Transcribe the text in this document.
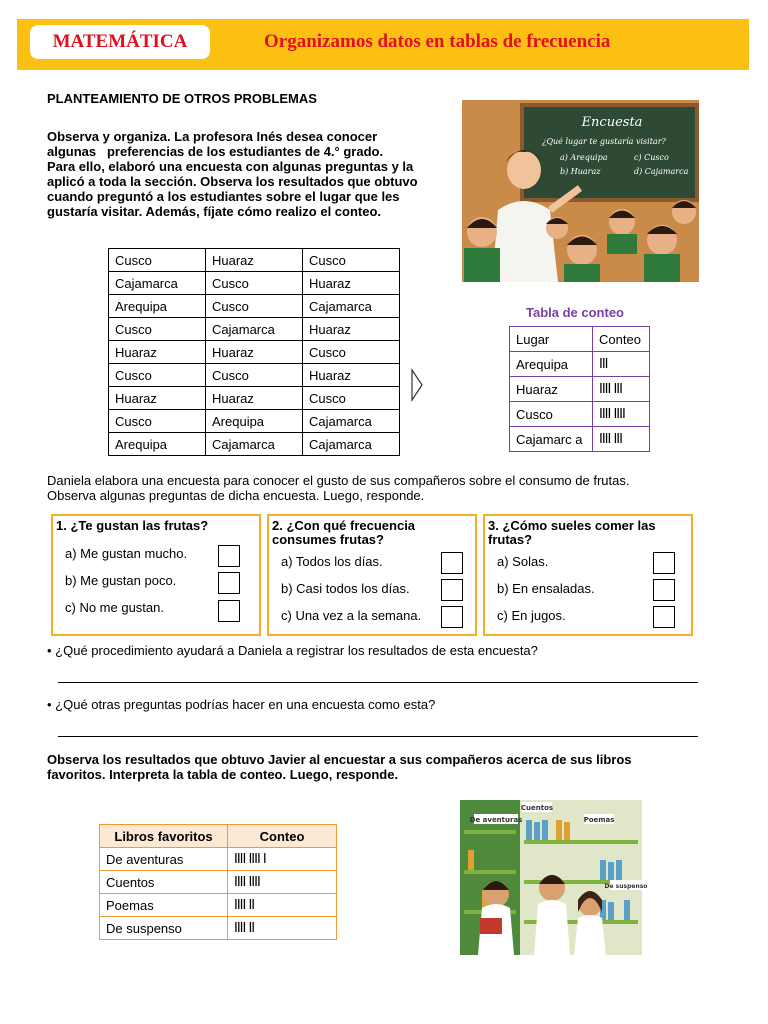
MATEMÁTICA	Organizamos datos en tablas de frecuencia
PLANTEAMIENTO DE OTROS PROBLEMAS
Observa y organiza. La profesora Inés desea conocer
algunas   preferencias de los estudiantes de 4.° grado.
Para ello, elaboró una encuesta con algunas preguntas y la
aplicó a toda la sección. Observa los resultados que obtuvo
cuando preguntó a los estudiantes sobre el lugar que les
gustaría visitar. Además, fíjate cómo realizo el conteo.
Cusco	Huaraz	Cusco
Cajamarca	Cusco	Huaraz
Arequipa	Cusco	Cajamarca
Cusco	Cajamarca	Huaraz
Huaraz	Huaraz	Cusco
Cusco	Cusco	Huaraz
Huaraz	Huaraz	Cusco
Cusco	Arequipa	Cajamarca
Arequipa	Cajamarca	Cajamarca
Encuesta
¿Qué lugar te gustaría visitar?
a) Arequipa
b) Huaraz
c) Cusco
d) Cajamarca
Tabla de conteo
Lugar	Conteo
Arequipa	III
Huaraz	IIII III
Cusco	IIII IIII
Cajamarc a	IIII III
Daniela elabora una encuesta para conocer el gusto de sus compañeros sobre el consumo de frutas.
Observa algunas preguntas de dicha encuesta. Luego, responde.
1. ¿Te gustan las frutas?
a) Me gustan mucho.
b) Me gustan poco.
c) No me gustan.
2. ¿Con qué frecuencia consumes frutas?
a) Todos los días.
b) Casi todos los días.
c) Una vez a la semana.
3. ¿Cómo sueles comer las frutas?
a) Solas.
b) En ensaladas.
c) En jugos.
• ¿Qué procedimiento ayudará a Daniela a registrar los resultados de esta encuesta?
• ¿Qué otras preguntas podrías hacer en una encuesta como esta?
Observa los resultados que obtuvo Javier al encuestar a sus compañeros acerca de sus libros
favoritos. Interpreta la tabla de conteo. Luego, responde.
Libros favoritos	Conteo
De aventuras	IIII IIII I
Cuentos	IIII IIII
Poemas	IIII II
De suspenso	IIII II
Cuentos
De aventuras	Poemas
De suspenso
